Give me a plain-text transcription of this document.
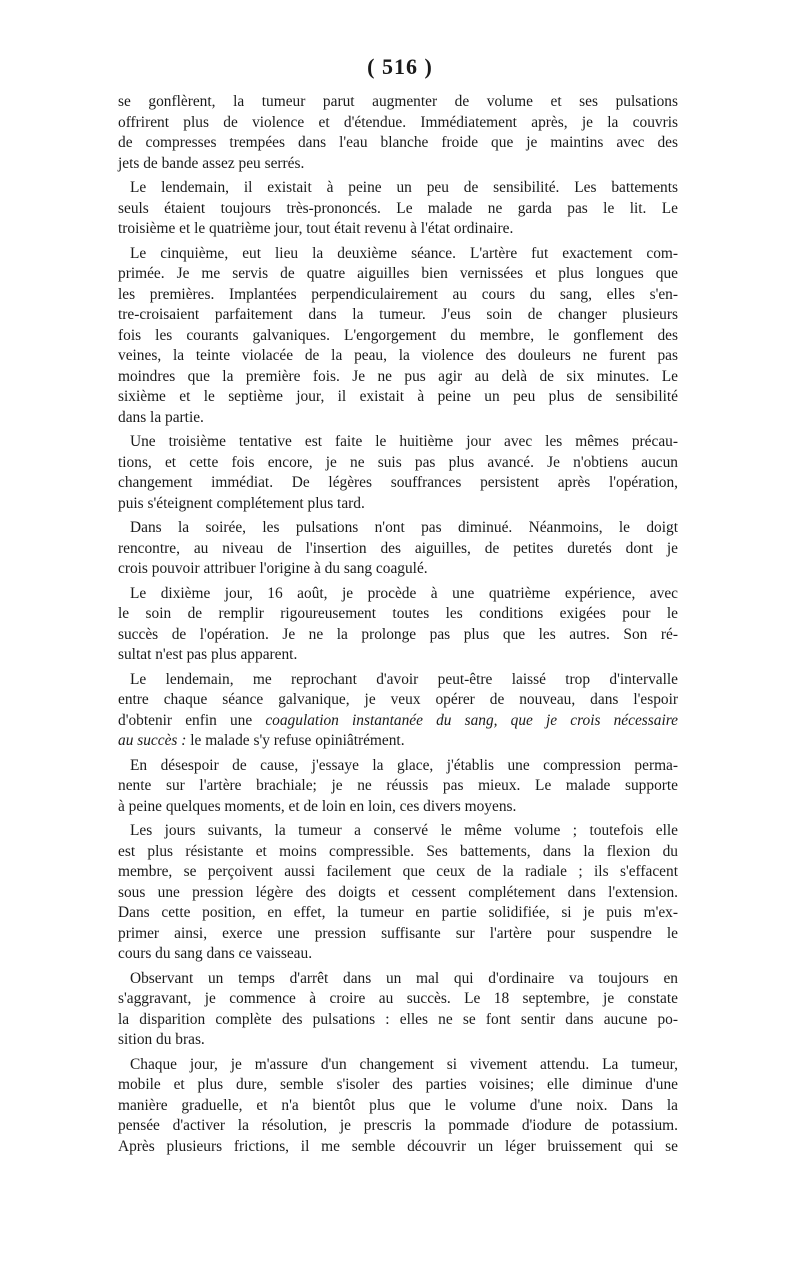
( 516 )

se gonflèrent, la tumeur parut augmenter de volume et ses pulsations
offrirent plus de violence et d'étendue. Immédiatement après, je la couvris
de compresses trempées dans l'eau blanche froide que je maintins avec des
jets de bande assez peu serrés.

Le lendemain, il existait à peine un peu de sensibilité. Les battements
seuls étaient toujours très-prononcés. Le malade ne garda pas le lit. Le
troisième et le quatrième jour, tout était revenu à l'état ordinaire.

Le cinquième, eut lieu la deuxième séance. L'artère fut exactement com-
primée. Je me servis de quatre aiguilles bien vernissées et plus longues que
les premières. Implantées perpendiculairement au cours du sang, elles s'en-
tre-croisaient parfaitement dans la tumeur. J'eus soin de changer plusieurs
fois les courants galvaniques. L'engorgement du membre, le gonflement des
veines, la teinte violacée de la peau, la violence des douleurs ne furent pas
moindres que la première fois. Je ne pus agir au delà de six minutes. Le
sixième et le septième jour, il existait à peine un peu plus de sensibilité
dans la partie.

Une troisième tentative est faite le huitième jour avec les mêmes précau-
tions, et cette fois encore, je ne suis pas plus avancé. Je n'obtiens aucun
changement immédiat. De légères souffrances persistent après l'opération,
puis s'éteignent complétement plus tard.

Dans la soirée, les pulsations n'ont pas diminué. Néanmoins, le doigt
rencontre, au niveau de l'insertion des aiguilles, de petites duretés dont je
crois pouvoir attribuer l'origine à du sang coagulé.

Le dixième jour, 16 août, je procède à une quatrième expérience, avec
le soin de remplir rigoureusement toutes les conditions exigées pour le
succès de l'opération. Je ne la prolonge pas plus que les autres. Son ré-
sultat n'est pas plus apparent.

Le lendemain, me reprochant d'avoir peut-être laissé trop d'intervalle
entre chaque séance galvanique, je veux opérer de nouveau, dans l'espoir
d'obtenir enfin une coagulation instantanée du sang, que je crois nécessaire
au succès : le malade s'y refuse opiniâtrément.

En désespoir de cause, j'essaye la glace, j'établis une compression perma-
nente sur l'artère brachiale; je ne réussis pas mieux. Le malade supporte
à peine quelques moments, et de loin en loin, ces divers moyens.

Les jours suivants, la tumeur a conservé le même volume ; toutefois elle
est plus résistante et moins compressible. Ses battements, dans la flexion du
membre, se perçoivent aussi facilement que ceux de la radiale ; ils s'effacent
sous une pression légère des doigts et cessent complétement dans l'extension.
Dans cette position, en effet, la tumeur en partie solidifiée, si je puis m'ex-
primer ainsi, exerce une pression suffisante sur l'artère pour suspendre le
cours du sang dans ce vaisseau.

Observant un temps d'arrêt dans un mal qui d'ordinaire va toujours en
s'aggravant, je commence à croire au succès. Le 18 septembre, je constate
la disparition complète des pulsations : elles ne se font sentir dans aucune po-
sition du bras.

Chaque jour, je m'assure d'un changement si vivement attendu. La tumeur,
mobile et plus dure, semble s'isoler des parties voisines; elle diminue d'une
manière graduelle, et n'a bientôt plus que le volume d'une noix. Dans la
pensée d'activer la résolution, je prescris la pommade d'iodure de potassium.
Après plusieurs frictions, il me semble découvrir un léger bruissement qui se
